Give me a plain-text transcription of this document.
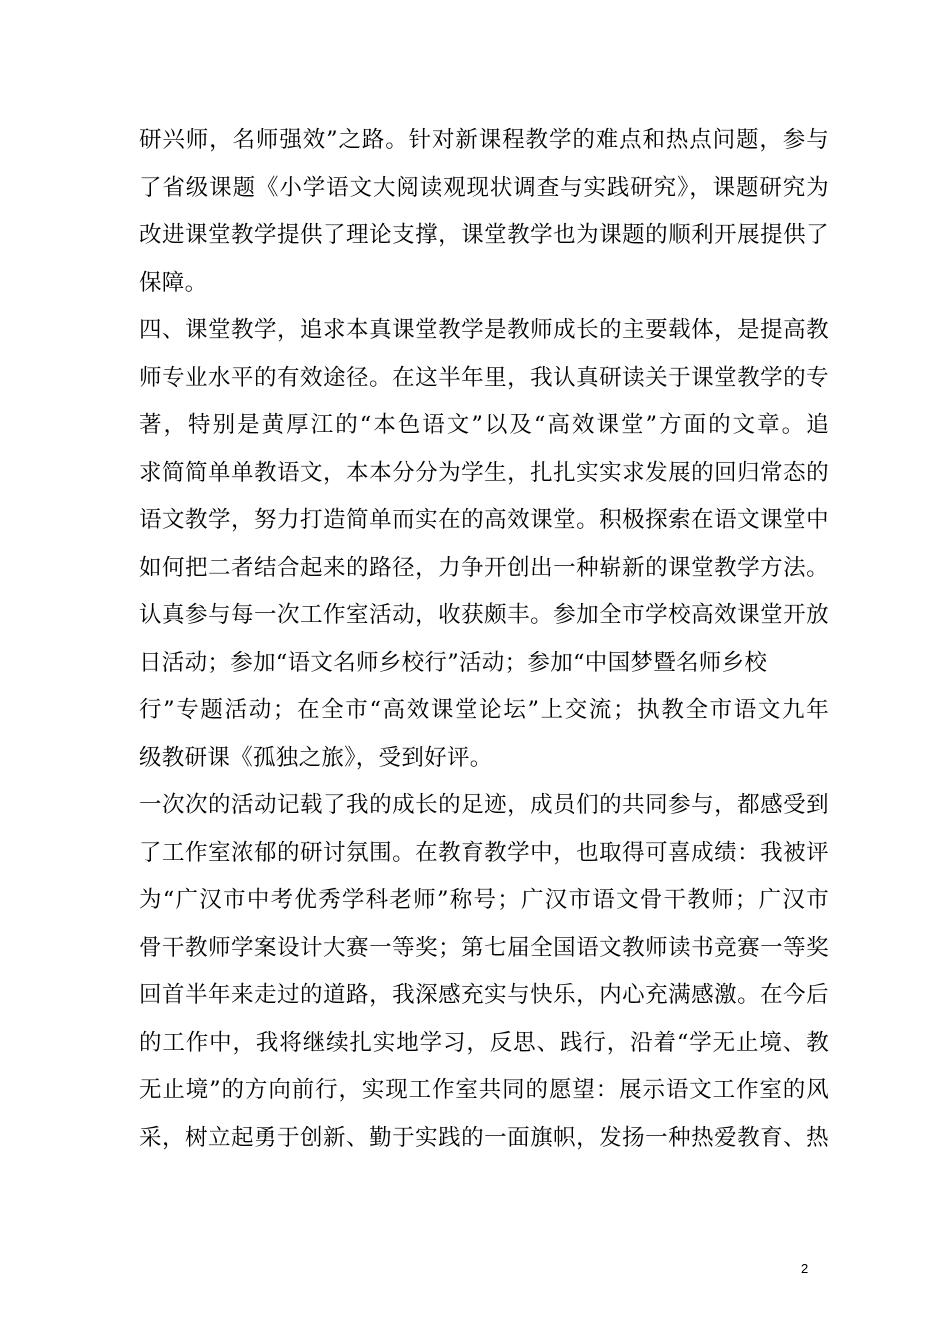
研兴师，名师强效”之路。针对新课程教学的难点和热点问题，参与
了省级课题《小学语文大阅读观现状调查与实践研究》，课题研究为
改进课堂教学提供了理论支撑，课堂教学也为课题的顺利开展提供了
保障。
四、课堂教学，追求本真课堂教学是教师成长的主要载体，是提高教
师专业水平的有效途径。在这半年里，我认真研读关于课堂教学的专
著，特别是黄厚江的“本色语文”以及“高效课堂”方面的文章。追
求简简单单教语文，本本分分为学生，扎扎实实求发展的回归常态的
语文教学，努力打造简单而实在的高效课堂。积极探索在语文课堂中
如何把二者结合起来的路径，力争开创出一种崭新的课堂教学方法。
认真参与每一次工作室活动，收获颇丰。参加全市学校高效课堂开放
日活动；参加“语文名师乡校行”活动；参加“中国梦暨名师乡校
行”专题活动；在全市“高效课堂论坛”上交流；执教全市语文九年
级教研课《孤独之旅》，受到好评。
一次次的活动记载了我的成长的足迹，成员们的共同参与，都感受到
了工作室浓郁的研讨氛围。在教育教学中，也取得可喜成绩：我被评
为“广汉市中考优秀学科老师”称号；广汉市语文骨干教师；广汉市
骨干教师学案设计大赛一等奖；第七届全国语文教师读书竞赛一等奖
回首半年来走过的道路，我深感充实与快乐，内心充满感激。在今后
的工作中，我将继续扎实地学习，反思、践行，沿着“学无止境、教
无止境”的方向前行，实现工作室共同的愿望：展示语文工作室的风
采，树立起勇于创新、勤于实践的一面旗帜，发扬一种热爱教育、热
2
